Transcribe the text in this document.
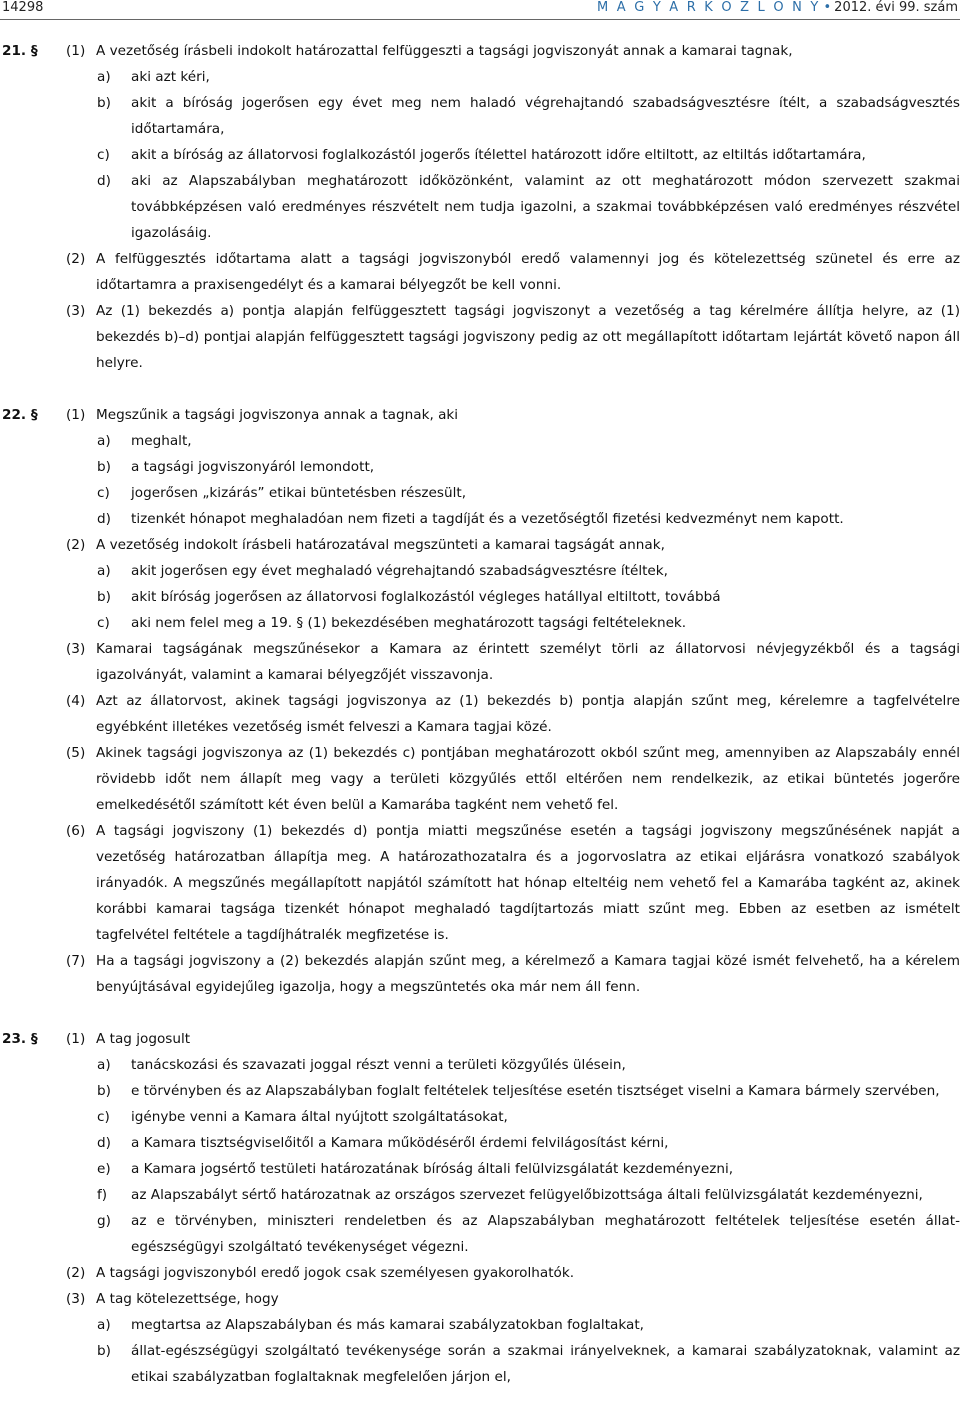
14298	M A G Y A R K Ö Z L Ö N Y • 2012. évi 99. szám
21. § (1) A vezetőség írásbeli indokolt határozattal felfüggeszti a tagsági jogviszonyát annak a kamarai tagnak,
a) aki azt kéri,
b) akit a bíróság jogerősen egy évet meg nem haladó végrehajtandó szabadságvesztésre ítélt, a szabadságvesztés időtartamára,
c) akit a bíróság az állatorvosi foglalkozástól jogerős ítélettel határozott időre eltiltott, az eltiltás időtartamára,
d) aki az Alapszabályban meghatározott időközönként, valamint az ott meghatározott módon szervezett szakmai továbbképzésen való eredményes részvételt nem tudja igazolni, a szakmai továbbképzésen való eredményes részvétel igazolásáig.
(2) A felfüggesztés időtartama alatt a tagsági jogviszonyból eredő valamennyi jog és kötelezettség szünetel és erre az időtartamra a praxisengedélyt és a kamarai bélyegzőt be kell vonni.
(3) Az (1) bekezdés a) pontja alapján felfüggesztett tagsági jogviszonyt a vezetőség a tag kérelmére állítja helyre, az (1) bekezdés b)–d) pontjai alapján felfüggesztett tagsági jogviszony pedig az ott megállapított időtartam lejártát követő napon áll helyre.
22. § (1) Megszűnik a tagsági jogviszonya annak a tagnak, aki
a) meghalt,
b) a tagsági jogviszonyáról lemondott,
c) jogerősen „kizárás” etikai büntetésben részesült,
d) tizenkét hónapot meghaladóan nem fizeti a tagdíját és a vezetőségtől fizetési kedvezményt nem kapott.
(2) A vezetőség indokolt írásbeli határozatával megszünteti a kamarai tagságát annak,
a) akit jogerősen egy évet meghaladó végrehajtandó szabadságvesztésre ítéltek,
b) akit bíróság jogerősen az állatorvosi foglalkozástól végleges hatállyal eltiltott, továbbá
c) aki nem felel meg a 19. § (1) bekezdésében meghatározott tagsági feltételeknek.
(3) Kamarai tagságának megszűnésekor a Kamara az érintett személyt törli az állatorvosi névjegyzékből és a tagsági igazolványát, valamint a kamarai bélyegzőjét visszavonja.
(4) Azt az állatorvost, akinek tagsági jogviszonya az (1) bekezdés b) pontja alapján szűnt meg, kérelemre a tagfelvételre egyébként illetékes vezetőség ismét felveszi a Kamara tagjai közé.
(5) Akinek tagsági jogviszonya az (1) bekezdés c) pontjában meghatározott okból szűnt meg, amennyiben az Alapszabály ennél rövidebb időt nem állapít meg vagy a területi közgyűlés ettől eltérően nem rendelkezik, az etikai büntetés jogerőre emelkedésétől számított két éven belül a Kamarába tagként nem vehető fel.
(6) A tagsági jogviszony (1) bekezdés d) pontja miatti megszűnése esetén a tagsági jogviszony megszűnésének napját a vezetőség határozatban állapítja meg. A határozathozatalra és a jogorvoslatra az etikai eljárásra vonatkozó szabályok irányadók. A megszűnés megállapított napjától számított hat hónap elteltéig nem vehető fel a Kamarába tagként az, akinek korábbi kamarai tagsága tizenkét hónapot meghaladó tagdíjtartozás miatt szűnt meg. Ebben az esetben az ismételt tagfelvétel feltétele a tagdíjhátralék megfizetése is.
(7) Ha a tagsági jogviszony a (2) bekezdés alapján szűnt meg, a kérelmező a Kamara tagjai közé ismét felvehető, ha a kérelem benyújtásával egyidejűleg igazolja, hogy a megszüntetés oka már nem áll fenn.
23. § (1) A tag jogosult
a) tanácskozási és szavazati joggal részt venni a területi közgyűlés ülésein,
b) e törvényben és az Alapszabályban foglalt feltételek teljesítése esetén tisztséget viselni a Kamara bármely szervében,
c) igénybe venni a Kamara által nyújtott szolgáltatásokat,
d) a Kamara tisztségviselőitől a Kamara működéséről érdemi felvilágosítást kérni,
e) a Kamara jogsértő testületi határozatának bíróság általi felülvizsgálatát kezdeményezni,
f) az Alapszabályt sértő határozatnak az országos szervezet felügyelőbizottsága általi felülvizsgálatát kezdeményezni,
g) az e törvényben, miniszteri rendeletben és az Alapszabályban meghatározott feltételek teljesítése esetén állat-egészségügyi szolgáltató tevékenységet végezni.
(2) A tagsági jogviszonyból eredő jogok csak személyesen gyakorolhatók.
(3) A tag kötelezettsége, hogy
a) megtartsa az Alapszabályban és más kamarai szabályzatokban foglaltakat,
b) állat-egészségügyi szolgáltató tevékenysége során a szakmai irányelveknek, a kamarai szabályzatoknak, valamint az etikai szabályzatban foglaltaknak megfelelően járjon el,
